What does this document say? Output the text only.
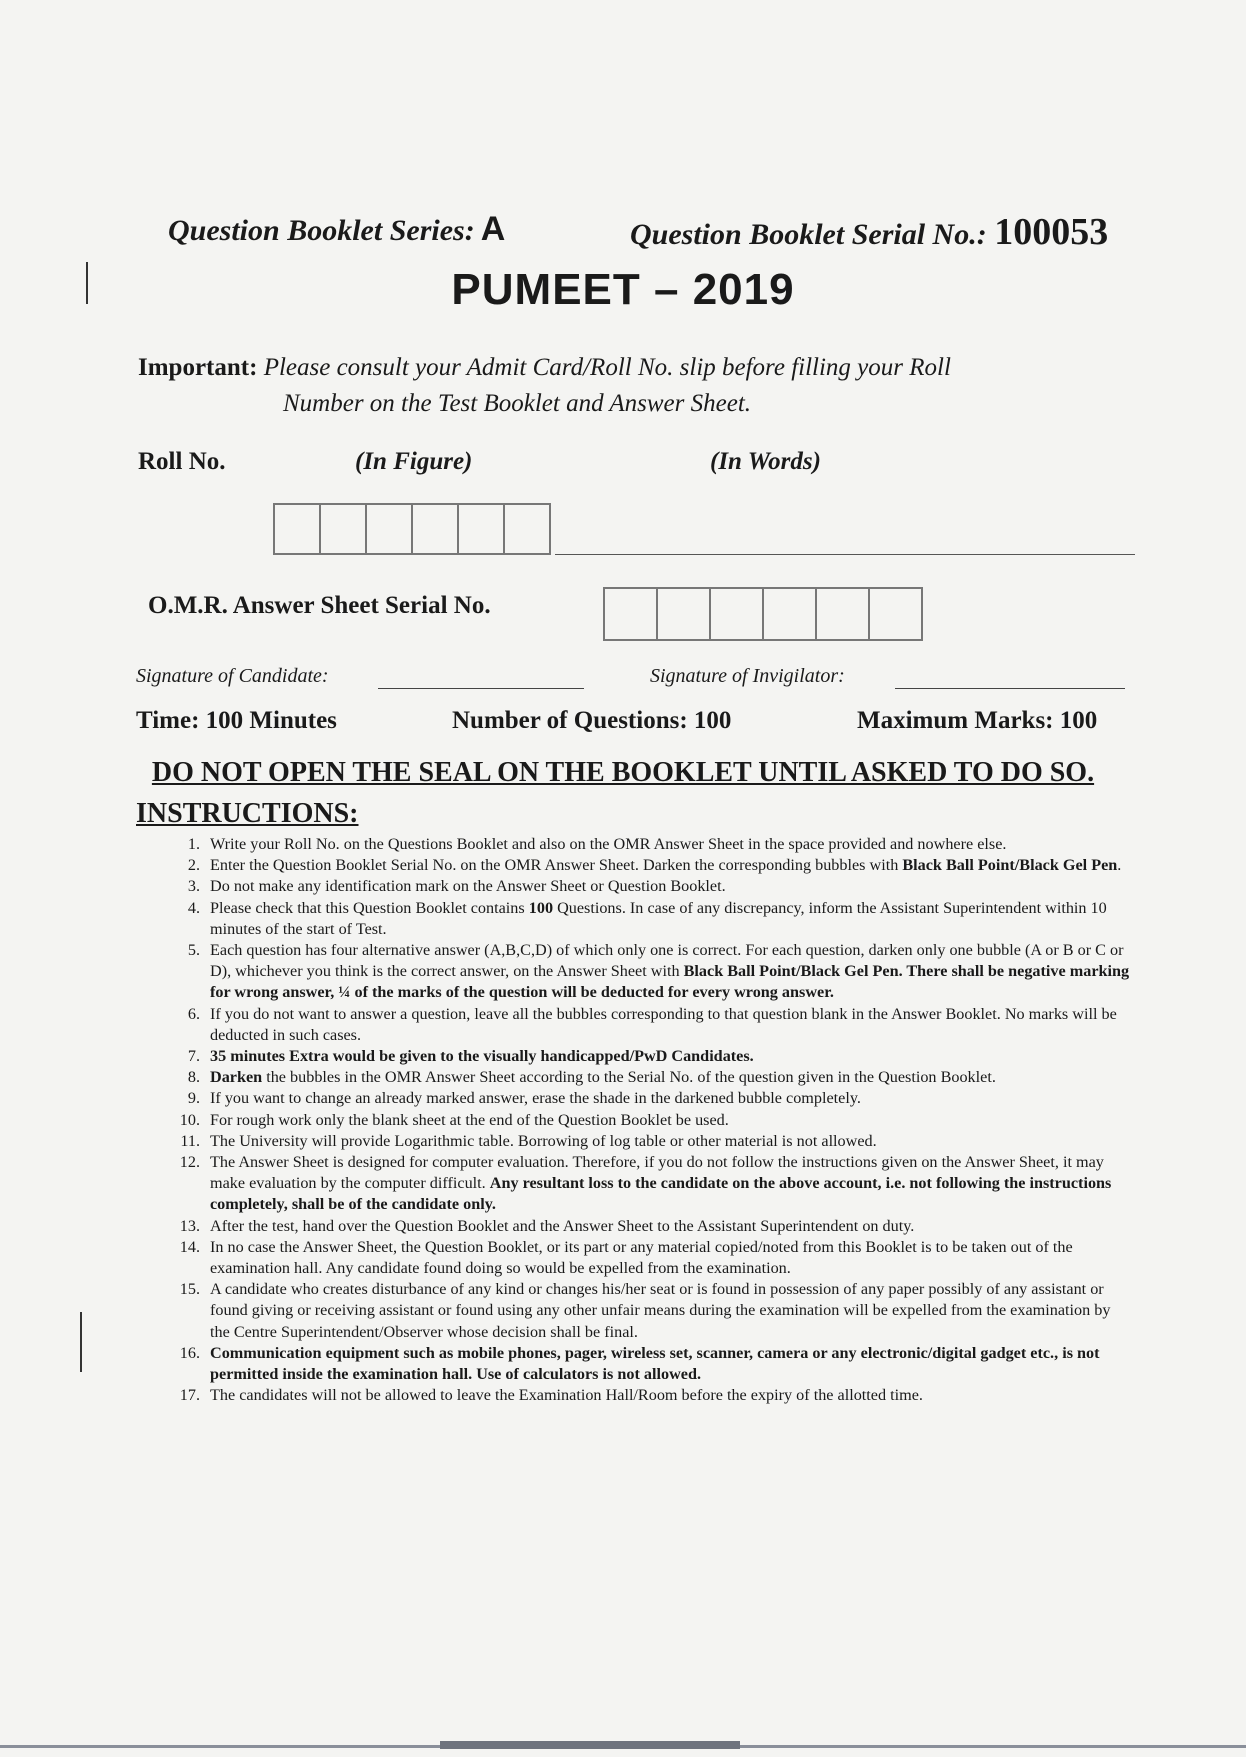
Question Booklet Series: A	Question Booklet Serial No.: 100053
PUMEET – 2019
Important: Please consult your Admit Card/Roll No. slip before filling your Roll
Number on the Test Booklet and Answer Sheet.
Roll No.	(In Figure)	(In Words)
O.M.R. Answer Sheet Serial No.
Signature of Candidate:	Signature of Invigilator:
Time: 100 Minutes	Number of Questions: 100	Maximum Marks: 100
DO NOT OPEN THE SEAL ON THE BOOKLET UNTIL ASKED TO DO SO.
INSTRUCTIONS:
1. Write your Roll No. on the Questions Booklet and also on the OMR Answer Sheet in the space provided and nowhere else.
2. Enter the Question Booklet Serial No. on the OMR Answer Sheet. Darken the corresponding bubbles with Black Ball Point/Black Gel Pen.
3. Do not make any identification mark on the Answer Sheet or Question Booklet.
4. Please check that this Question Booklet contains 100 Questions. In case of any discrepancy, inform the Assistant Superintendent within 10 minutes of the start of Test.
5. Each question has four alternative answer (A,B,C,D) of which only one is correct. For each question, darken only one bubble (A or B or C or D), whichever you think is the correct answer, on the Answer Sheet with Black Ball Point/Black Gel Pen. There shall be negative marking for wrong answer, ¼ of the marks of the question will be deducted for every wrong answer.
6. If you do not want to answer a question, leave all the bubbles corresponding to that question blank in the Answer Booklet. No marks will be deducted in such cases.
7. 35 minutes Extra would be given to the visually handicapped/PwD Candidates.
8. Darken the bubbles in the OMR Answer Sheet according to the Serial No. of the question given in the Question Booklet.
9. If you want to change an already marked answer, erase the shade in the darkened bubble completely.
10. For rough work only the blank sheet at the end of the Question Booklet be used.
11. The University will provide Logarithmic table. Borrowing of log table or other material is not allowed.
12. The Answer Sheet is designed for computer evaluation. Therefore, if you do not follow the instructions given on the Answer Sheet, it may make evaluation by the computer difficult. Any resultant loss to the candidate on the above account, i.e. not following the instructions completely, shall be of the candidate only.
13. After the test, hand over the Question Booklet and the Answer Sheet to the Assistant Superintendent on duty.
14. In no case the Answer Sheet, the Question Booklet, or its part or any material copied/noted from this Booklet is to be taken out of the examination hall. Any candidate found doing so would be expelled from the examination.
15. A candidate who creates disturbance of any kind or changes his/her seat or is found in possession of any paper possibly of any assistant or found giving or receiving assistant or found using any other unfair means during the examination will be expelled from the examination by the Centre Superintendent/Observer whose decision shall be final.
16. Communication equipment such as mobile phones, pager, wireless set, scanner, camera or any electronic/digital gadget etc., is not permitted inside the examination hall. Use of calculators is not allowed.
17. The candidates will not be allowed to leave the Examination Hall/Room before the expiry of the allotted time.
